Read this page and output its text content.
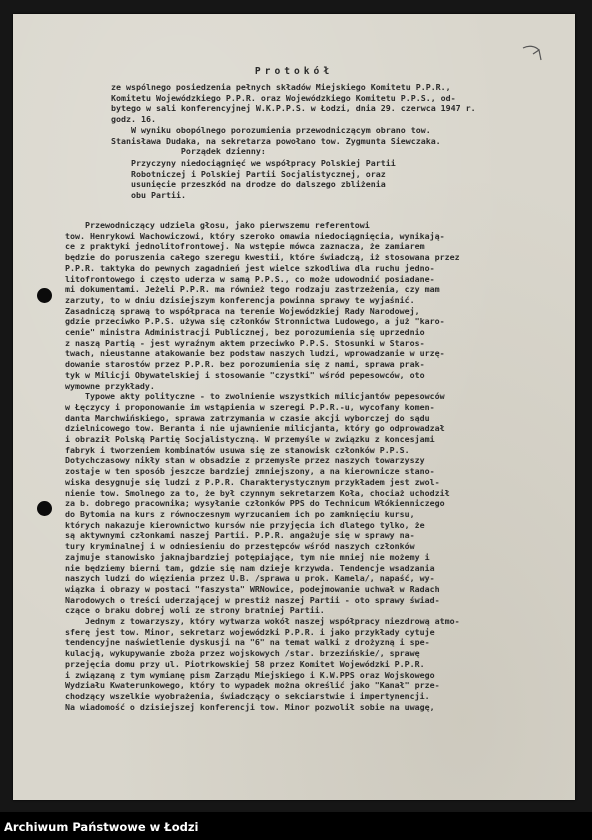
Protokół
ze wspólnego posiedzenia pełnych składów Miejskiego Komitetu P.P.R.,
Komitetu Wojewódzkiego P.P.R. oraz Wojewódzkiego Komitetu P.P.S., od-
bytego w sali konferencyjnej W.K.P.P.S. w Łodzi, dnia 29. czerwca 1947 r.
godz. 16.
W wyniku obopólnego porozumienia przewodniczącym obrano tow.
Stanisława Dudaka, na sekretarza powołano tow. Zygmunta Siewczaka.
Porządek dzienny:
Przyczyny niedociągnięć we współpracy Polskiej Partii
Robotniczej i Polskiej Partii Socjalistycznej, oraz
usunięcie przeszkód na drodze do dalszego zbliżenia
obu Partii.
Przewodniczący udziela głosu, jako pierwszemu referentowi
tow. Henrykowi Wachowiczowi, który szeroko omawia niedociągnięcia, wynikają-
ce z praktyki jednolitofrontowej. Na wstępie mówca zaznacza, że zamiarem
będzie do poruszenia całego szeregu kwestii, które świadczą, iż stosowana przez
P.P.R. taktyka do pewnych zagadnień jest wielce szkodliwa dla ruchu jedno-
litofrontowego i często uderza w samą P.P.S., co może udowodnić posiadane-
mi dokumentami. Jeżeli P.P.R. ma również tego rodzaju zastrzeżenia, czy mam
zarzuty, to w dniu dzisiejszym konferencja powinna sprawy te wyjaśnić.
Zasadniczą sprawą to współpraca na terenie Wojewódzkiej Rady Narodowej,
gdzie przeciwko P.P.S. używa się członków Stronnictwa Ludowego, a już "karo-
cenie" ministra Administracji Publicznej, bez porozumienia się uprzednio
z naszą Partią - jest wyraźnym aktem przeciwko P.P.S. Stosunki w Staros-
twach, nieustanne atakowanie bez podstaw naszych ludzi, wprowadzanie w urzę-
dowanie starostów przez P.P.R. bez porozumienia się z nami, sprawa prak-
tyk w Milicji Obywatelskiej i stosowanie "czystki" wśród pepesowców, oto
wymowne przykłady.
Typowe akty polityczne - to zwolnienie wszystkich milicjantów pepesowców
w Łęczycy i proponowanie im wstąpienia w szeregi P.P.R.-u, wycofany komen-
danta Marchwińskiego, sprawa zatrzymania w czasie akcji wyborczej do sądu
dzielnicowego tow. Beranta i nie ujawnienie milicjanta, który go odprowadzał
i obraził Polską Partię Socjalistyczną. W przemyśle w związku z koncesjami
fabryk i tworzeniem kombinatów usuwa się ze stanowisk członków P.P.S.
Dotychczasowy nikły stan w obsadzie z przemysłe przez naszych towarzyszy
zostaje w ten sposób jeszcze bardziej zmniejszony, a na kierownicze stano-
wiska desygnuje się ludzi z P.P.R. Charakterystycznym przykładem jest zwol-
nienie tow. Smolnego za to, że był czynnym sekretarzem Koła, chociaż uchodził
za b. dobrego pracownika; wysyłanie członków PPS do Technicum Włókienniczego
do Bytomia na kurs z równoczesnym wyrzucaniem ich po zamknięciu kursu,
których nakazuje kierownictwo kursów nie przyjęcia ich dlatego tylko, że
są aktywnymi członkami naszej Partii. P.P.R. angażuje się w sprawy na-
tury kryminalnej i w odniesieniu do przestępców wśród naszych członków
zajmuje stanowisko jaknajbardziej potępiające, tym nie mniej nie możemy i
nie będziemy bierni tam, gdzie się nam dzieje krzywda. Tendencje wsadzania
naszych ludzi do więzienia przez U.B. /sprawa u prok. Kamela/, napaść, wy-
wiązka i obrazy w postaci "faszysta" WRNowice, podejmowanie uchwał w Radach
Narodowych o treści uderzającej w prestiż naszej Partii - oto sprawy świad-
czące o braku dobrej woli ze strony bratniej Partii.
Jednym z towarzyszy, który wytwarza wokół naszej współpracy niezdrową atmo-
sferę jest tow. Minor, sekretarz wojewódzki P.P.R. i jako przykłady cytuje
tendencyjne naświetlenie dyskusji na "6" na temat walki z drożyzną i spe-
kulacją, wykupywanie zboża przez wojskowych /star. brzezińskie/, sprawę
przejęcia domu przy ul. Piotrkowskiej 58 przez Komitet Wojewódzki P.P.R.
i związaną z tym wymianę pism Zarządu Miejskiego i K.W.PPS oraz Wojskowego
Wydziału Kwaterunkowego, który to wypadek można określić jako "Kanał" prze-
chodzący wszelkie wyobrażenia, świadczący o sekciarstwie i impertynencji.
Na wiadomość o dzisiejszej konferencji tow. Minor pozwolił sobie na uwagę,

Archiwum Państwowe w Łodzi
